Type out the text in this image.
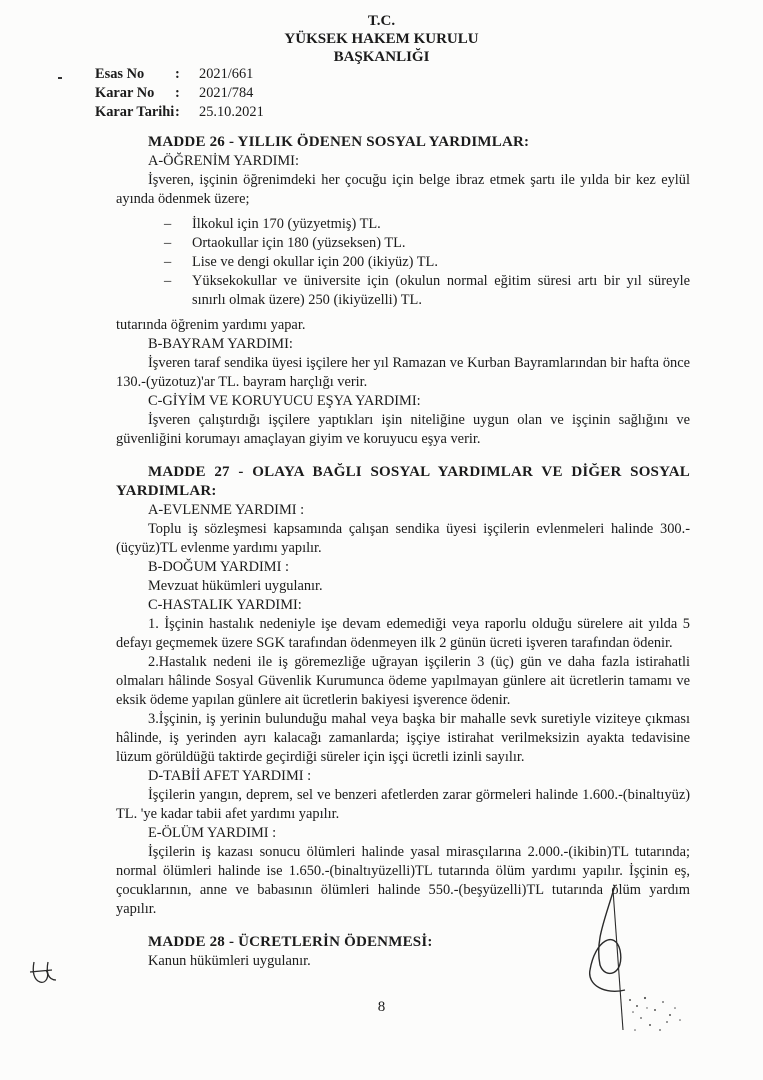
T.C.
YÜKSEK HAKEM KURULU
BAŞKANLIĞI
Esas No	:	2021/661
Karar No	:	2021/784
Karar Tarihi :	25.10.2021
MADDE 26 - YILLIK ÖDENEN SOSYAL YARDIMLAR:
A-ÖĞRENİM YARDIMI:

İşveren, işçinin öğrenimdeki her çocuğu için belge ibraz etmek şartı ile yılda bir kez eylül ayında ödenmek üzere;

– İlkokul için 170 (yüzyetmiş) TL.
– Ortaokullar için 180 (yüzseksen) TL.
– Lise ve dengi okullar için 200 (ikiyüz) TL.
– Yüksekokullar ve üniversite için (okulun normal eğitim süresi artı bir yıl süreyle sınırlı olmak üzere) 250 (ikiyüzelli) TL.

tutarında öğrenim yardımı yapar.

B-BAYRAM YARDIMI:

İşveren taraf sendika üyesi işçilere her yıl Ramazan ve Kurban Bayramlarından bir hafta önce 130.-(yüzotuz)'ar TL. bayram harçlığı verir.

C-GİYİM VE KORUYUCU EŞYA YARDIMI:

İşveren çalıştırdığı işçilere yaptıkları işin niteliğine uygun olan ve işçinin sağlığını ve güvenliğini korumayı amaçlayan giyim ve koruyucu eşya verir.

MADDE 27 - OLAYA BAĞLI SOSYAL YARDIMLAR VE DİĞER SOSYAL YARDIMLAR:
A-EVLENME YARDIMI :

Toplu iş sözleşmesi kapsamında çalışan sendika üyesi işçilerin evlenmeleri halinde 300.-(üçyüz)TL evlenme yardımı yapılır.

B-DOĞUM YARDIMI :

Mevzuat hükümleri uygulanır.

C-HASTALIK YARDIMI:

1. İşçinin hastalık nedeniyle işe devam edemediği veya raporlu olduğu sürelere ait yılda 5 defayı geçmemek üzere SGK tarafından ödenmeyen ilk 2 günün ücreti işveren tarafından ödenir.

2.Hastalık nedeni ile iş göremezliğe uğrayan işçilerin 3 (üç) gün ve daha fazla istirahatli olmaları hâlinde Sosyal Güvenlik Kurumunca ödeme yapılmayan günlere ait ücretlerin tamamı ve eksik ödeme yapılan günlere ait ücretlerin bakiyesi işverence ödenir.

3.İşçinin, iş yerinin bulunduğu mahal veya başka bir mahalle sevk suretiyle viziteye çıkması hâlinde, iş yerinden ayrı kalacağı zamanlarda; işçiye istirahat verilmeksizin ayakta tedavisine lüzum görüldüğü taktirde geçirdiği süreler için işçi ücretli izinli sayılır.

D-TABİİ AFET YARDIMI :

İşçilerin yangın, deprem, sel ve benzeri afetlerden zarar görmeleri halinde 1.600.-(binaltıyüz) TL. 'ye kadar tabii afet yardımı yapılır.

E-ÖLÜM YARDIMI :

İşçilerin iş kazası sonucu ölümleri halinde yasal mirasçılarına 2.000.-(ikibin)TL tutarında; normal ölümleri halinde ise 1.650.-(binaltıyüzelli)TL tutarında ölüm yardımı yapılır. İşçinin eş, çocuklarının, anne ve babasının ölümleri halinde 550.-(beşyüzelli)TL tutarında ölüm yardım yapılır.

MADDE 28 - ÜCRETLERİN ÖDENMESİ:

Kanun hükümleri uygulanır.

8
